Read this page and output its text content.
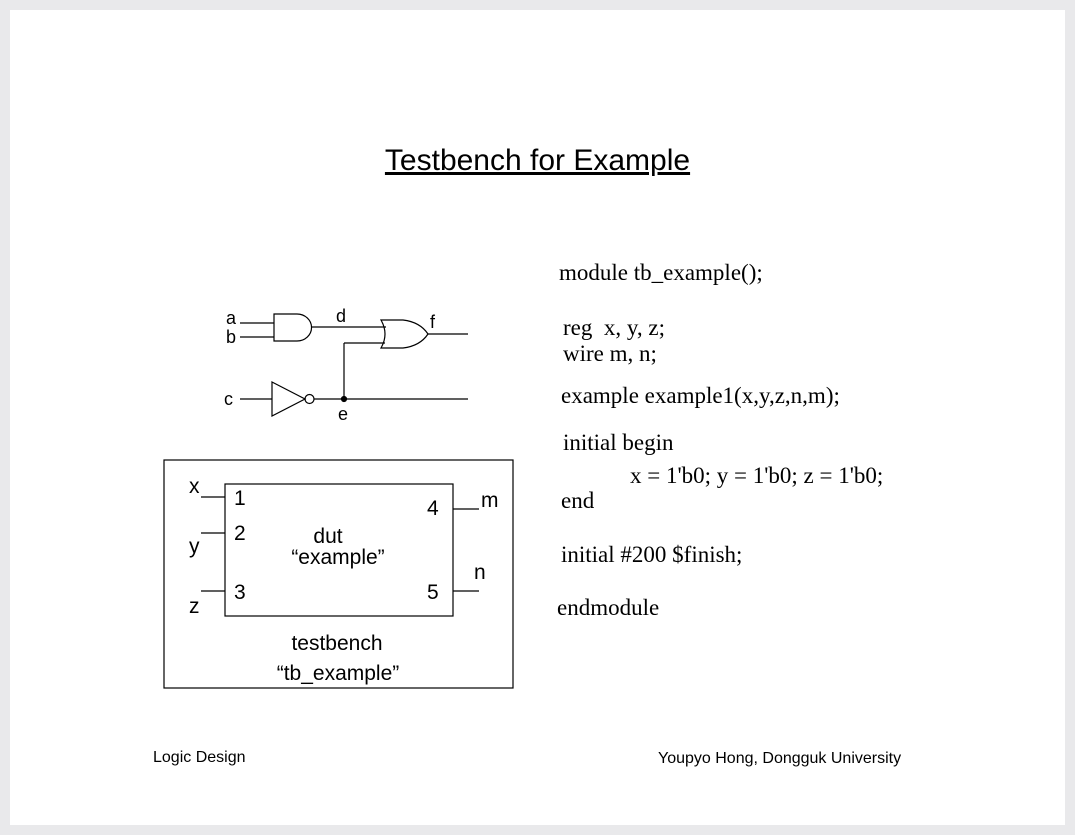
Testbench for Example
a
b
c
d
e
f
x
y
z
m
n
1
2
3
4
5
dut
“example”
testbench
“tb_example”
module tb_example();
reg  x, y, z;
wire m, n;
example example1(x,y,z,n,m);
initial begin
x = 1'b0; y = 1'b0; z = 1'b0;
end
initial #200 $finish;
endmodule
Logic Design	Youpyo Hong, Dongguk University
